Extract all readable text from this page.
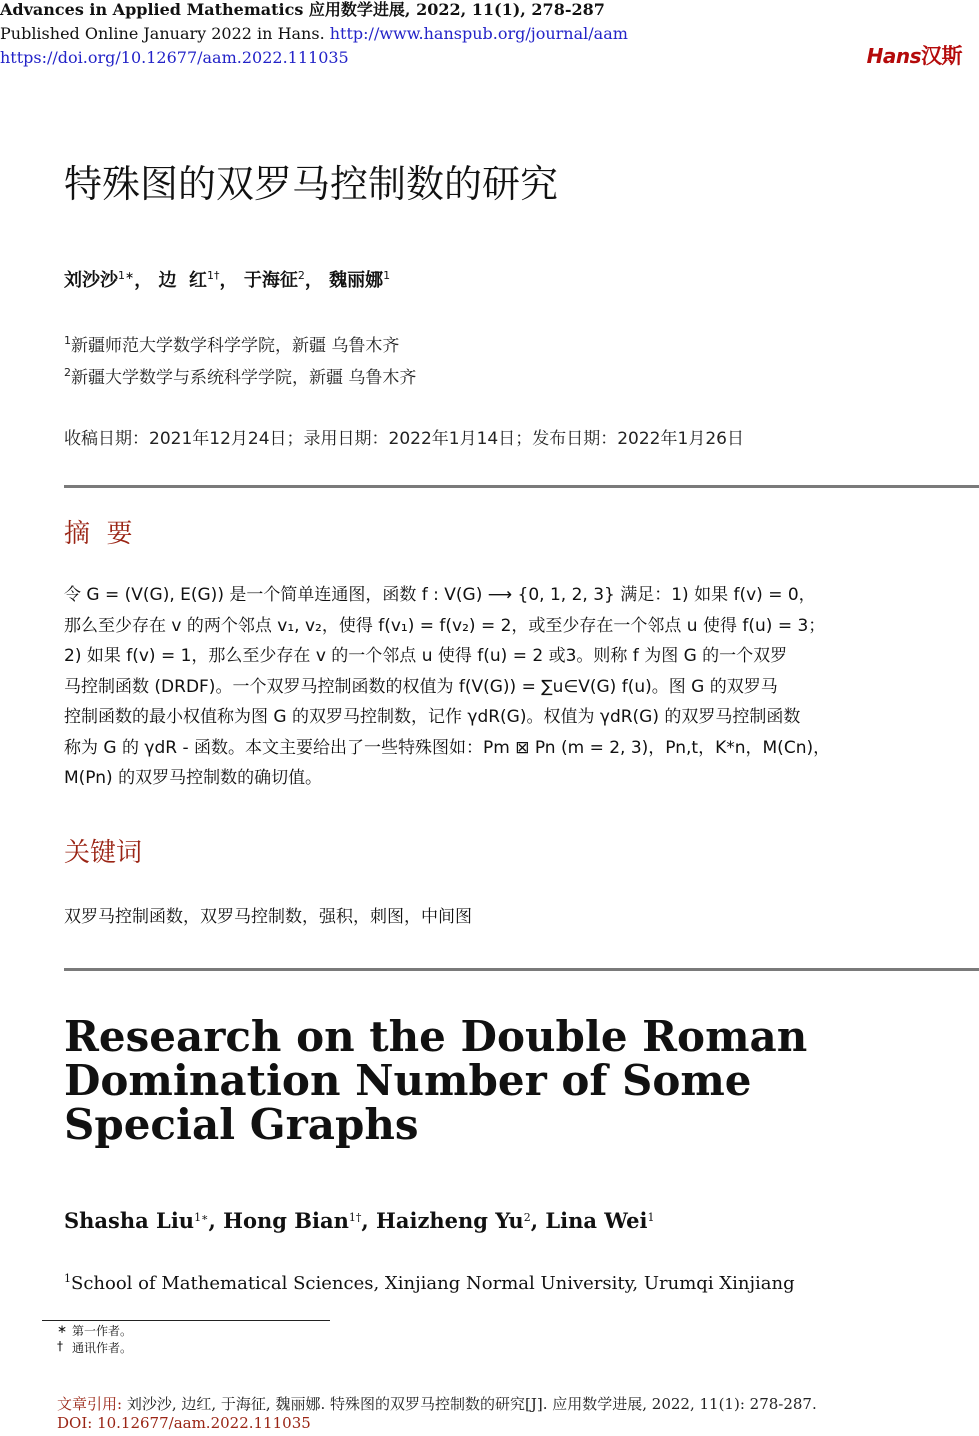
Advances in Applied Mathematics 应用数学进展, 2022, 11(1), 278-287
Published Online January 2022 in Hans. http://www.hanspub.org/journal/aam
https://doi.org/10.12677/aam.2022.111035	Hans汉斯
特殊图的双罗马控制数的研究
刘沙沙$^{1∗}$， 边  红$^{1\dagger}$， 于海征$^2$， 魏丽娜$^1$
$^1$新疆师范大学数学科学学院，新疆 乌鲁木齐
$^2$新疆大学数学与系统科学学院，新疆 乌鲁木齐
收稿日期：2021年12月24日；录用日期：2022年1月14日；发布日期：2022年1月26日
摘  要

令 G = (V(G), E(G)) 是一个简单连通图，函数 f : V(G) ⟶ {0, 1, 2, 3} 满足：1) 如果 f(v) = 0，

那么至少存在 v 的两个邻点 v₁, v₂，使得 f(v₁) = f(v₂) = 2，或至少存在一个邻点 u 使得 f(u) = 3；

2) 如果 f(v) = 1，那么至少存在 v 的一个邻点 u 使得 f(u) = 2 或3。则称 f 为图 G 的一个双罗

马控制函数 (DRDF)。一个双罗马控制函数的权值为 f(V(G)) = ∑u∈V(G) f(u)。图 G 的双罗马

控制函数的最小权值称为图 G 的双罗马控制数，记作 γdR(G)。权值为 γdR(G) 的双罗马控制函数

称为 G 的 γdR - 函数。本文主要给出了一些特殊图如：Pm ⊠ Pn (m = 2, 3)，Pn,t，K*n，M(Cn)，

M(Pn) 的双罗马控制数的确切值。

关键词
双罗马控制函数，双罗马控制数，强积，刺图，中间图
Research on the Double Roman
Domination Number of Some
Special Graphs
Shasha Liu$^{1∗}$, Hong Bian$^{1\dagger}$, Haizheng Yu$^2$, Lina Wei$^1$
$^1$School of Mathematical Sciences, Xinjiang Normal University, Urumqi Xinjiang
∗ 第一作者。
† 通讯作者。
文章引用: 刘沙沙, 边红, 于海征, 魏丽娜. 特殊图的双罗马控制数的研究[J]. 应用数学进展, 2022, 11(1): 278-287.
DOI: 10.12677/aam.2022.111035
